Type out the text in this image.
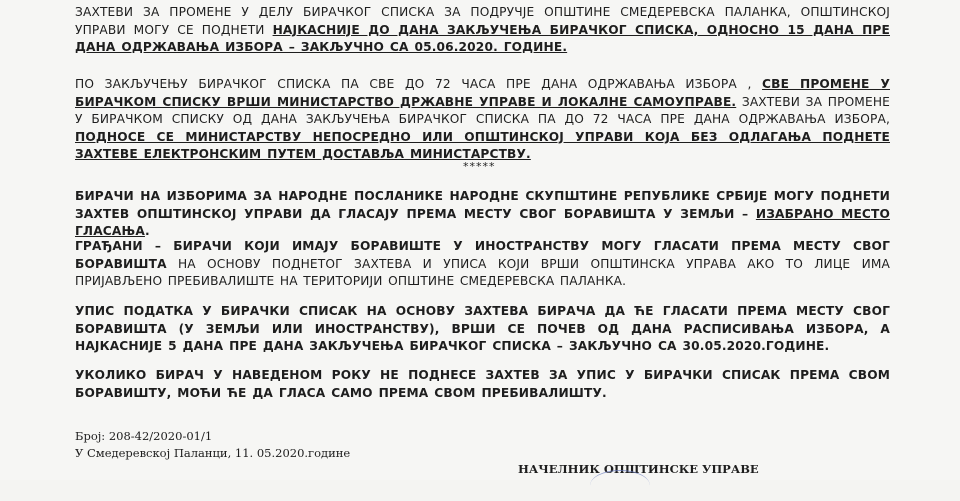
ЗАХТЕВИ ЗА ПРОМЕНЕ У ДЕЛУ БИРАЧКОГ СПИСКА ЗА ПОДРУЧЈЕ ОПШТИНЕ СМЕДЕРЕВСКА ПАЛАНКА, ОПШТИНСКОЈ УПРАВИ МОГУ СЕ ПОДНЕТИ НАЈКАСНИЈЕ ДО ДАНА ЗАКЉУЧЕЊА БИРАЧКОГ СПИСКА, ОДНОСНО 15 ДАНА ПРЕ ДАНА ОДРЖАВАЊА ИЗБОРА – ЗАКЉУЧНО СА 05.06.2020. ГОДИНЕ.

ПО ЗАКЉУЧЕЊУ БИРАЧКОГ СПИСКА ПА СВЕ ДО 72 ЧАСА ПРЕ ДАНА ОДРЖАВАЊА ИЗБОРА , СВЕ ПРОМЕНЕ У БИРАЧКОМ СПИСКУ ВРШИ МИНИСТАРСТВО ДРЖАВНЕ УПРАВЕ И ЛОКАЛНЕ САМОУПРАВЕ. ЗАХТЕВИ ЗА ПРОМЕНЕ У БИРАЧКОМ СПИСКУ ОД ДАНА ЗАКЉУЧЕЊА БИРАЧКОГ СПИСКА ПА ДО 72 ЧАСА ПРЕ ДАНА ОДРЖАВАЊА ИЗБОРА, ПОДНОСЕ СЕ МИНИСТАРСТВУ НЕПОСРЕДНО ИЛИ ОПШТИНСКОЈ УПРАВИ КОЈА БЕЗ ОДЛАГАЊА ПОДНЕТЕ ЗАХТЕВЕ ЕЛЕКТРОНСКИМ ПУТЕМ ДОСТАВЉА МИНИСТАРСТВУ.

*****

БИРАЧИ НА ИЗБОРИМА ЗА НАРОДНЕ ПОСЛАНИКЕ НАРОДНЕ СКУПШТИНЕ РЕПУБЛИКЕ СРБИЈЕ МОГУ ПОДНЕТИ ЗАХТЕВ ОПШТИНСКОЈ УПРАВИ ДА ГЛАСАЈУ ПРЕМА МЕСТУ СВОГ БОРАВИШТА У ЗЕМЉИ – ИЗАБРАНО МЕСТО ГЛАСАЊА.

ГРАЂАНИ – БИРАЧИ КОЈИ ИМАЈУ БОРАВИШТЕ У ИНОСТРАНСТВУ МОГУ ГЛАСАТИ ПРЕМА МЕСТУ СВОГ БОРАВИШТА НА ОСНОВУ ПОДНЕТОГ ЗАХТЕВА И УПИСА КОЈИ ВРШИ ОПШТИНСКА УПРАВА АКО ТО ЛИЦЕ ИМА ПРИЈАВЉЕНО ПРЕБИВАЛИШТЕ НА ТЕРИТОРИЈИ ОПШТИНЕ СМЕДЕРЕВСКА ПАЛАНКА.

УПИС ПОДАТКА У БИРАЧКИ СПИСАК НА ОСНОВУ ЗАХТЕВА БИРАЧА ДА ЋЕ ГЛАСАТИ ПРЕМА МЕСТУ СВОГ БОРАВИШТА (У ЗЕМЉИ ИЛИ ИНОСТРАНСТВУ), ВРШИ СЕ ПОЧЕВ ОД ДАНА РАСПИСИВАЊА ИЗБОРА, А НАЈКАСНИЈЕ 5 ДАНА ПРЕ ДАНА ЗАКЉУЧЕЊА БИРАЧКОГ СПИСКА – ЗАКЉУЧНО СА 30.05.2020.ГОДИНЕ.

УКОЛИКО БИРАЧ У НАВЕДЕНОМ РОКУ НЕ ПОДНЕСЕ ЗАХТЕВ ЗА УПИС У БИРАЧКИ СПИСАК ПРЕМА СВОМ БОРАВИШТУ, МОЋИ ЋЕ ДА ГЛАСА САМО ПРЕМА СВОМ ПРЕБИВАЛИШТУ.

Број: 208-42/2020-01/1

У Смедеревској Паланци, 11. 05.2020.године

НАЧЕЛНИК ОПШТИНСКЕ УПРАВЕ
